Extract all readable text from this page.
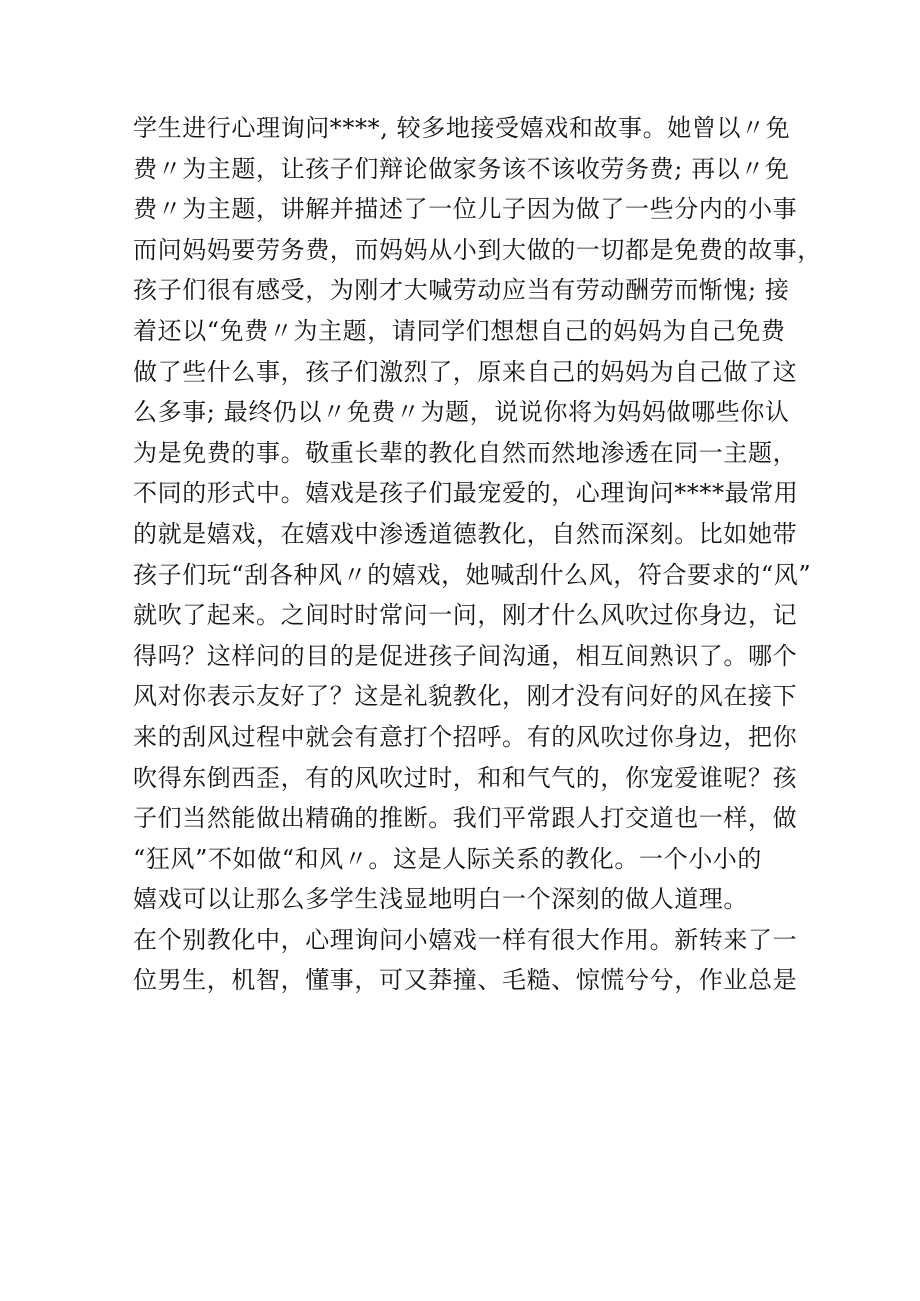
学生进行心理询问****, 较多地接受嬉戏和故事。她曾以〃免
费〃为主题，让孩子们辩论做家务该不该收劳务费; 再以〃免
费〃为主题，讲解并描述了一位儿子因为做了一些分内的小事
而问妈妈要劳务费，而妈妈从小到大做的一切都是免费的故事，
孩子们很有感受，为刚才大喊劳动应当有劳动酬劳而惭愧; 接
着还以“免费〃为主题，请同学们想想自己的妈妈为自己免费
做了些什么事，孩子们激烈了，原来自己的妈妈为自己做了这
么多事; 最终仍以〃免费〃为题，说说你将为妈妈做哪些你认
为是免费的事。敬重长辈的教化自然而然地渗透在同一主题，
不同的形式中。嬉戏是孩子们最宠爱的，心理询问****最常用
的就是嬉戏，在嬉戏中渗透道德教化，自然而深刻。比如她带
孩子们玩“刮各种风〃的嬉戏，她喊刮什么风，符合要求的“风”
就吹了起来。之间时时常问一问，刚才什么风吹过你身边，记
得吗？这样问的目的是促进孩子间沟通，相互间熟识了。哪个
风对你表示友好了？这是礼貌教化，刚才没有问好的风在接下
来的刮风过程中就会有意打个招呼。有的风吹过你身边，把你
吹得东倒西歪，有的风吹过时，和和气气的，你宠爱谁呢？孩
子们当然能做出精确的推断。我们平常跟人打交道也一样，做
“狂风”不如做“和风〃。这是人际关系的教化。一个小小的
嬉戏可以让那么多学生浅显地明白一个深刻的做人道理。
在个别教化中，心理询问小嬉戏一样有很大作用。新转来了一
位男生，机智，懂事，可又莽撞、毛糙、惊慌兮兮，作业总是
